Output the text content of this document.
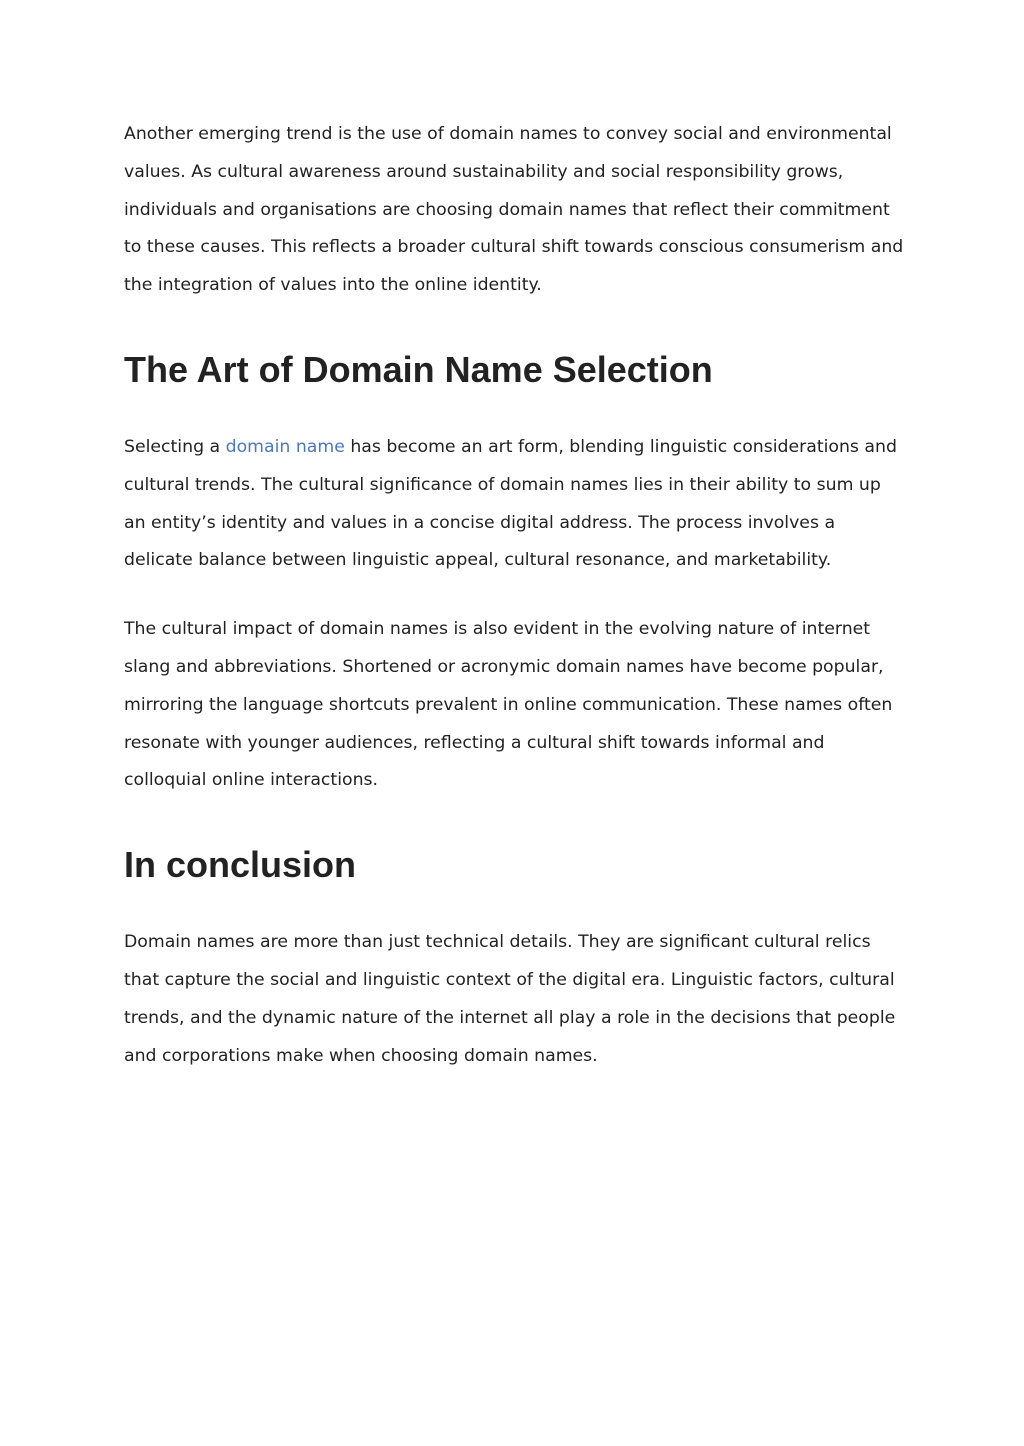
Another emerging trend is the use of domain names to convey social and environmental values. As cultural awareness around sustainability and social responsibility grows, individuals and organisations are choosing domain names that reflect their commitment to these causes. This reflects a broader cultural shift towards conscious consumerism and the integration of values into the online identity.

The Art of Domain Name Selection

Selecting a domain name has become an art form, blending linguistic considerations and cultural trends. The cultural significance of domain names lies in their ability to sum up an entity’s identity and values in a concise digital address. The process involves a delicate balance between linguistic appeal, cultural resonance, and marketability.

The cultural impact of domain names is also evident in the evolving nature of internet slang and abbreviations. Shortened or acronymic domain names have become popular, mirroring the language shortcuts prevalent in online communication. These names often resonate with younger audiences, reflecting a cultural shift towards informal and colloquial online interactions.

In conclusion

Domain names are more than just technical details. They are significant cultural relics that capture the social and linguistic context of the digital era. Linguistic factors, cultural trends, and the dynamic nature of the internet all play a role in the decisions that people and corporations make when choosing domain names.
